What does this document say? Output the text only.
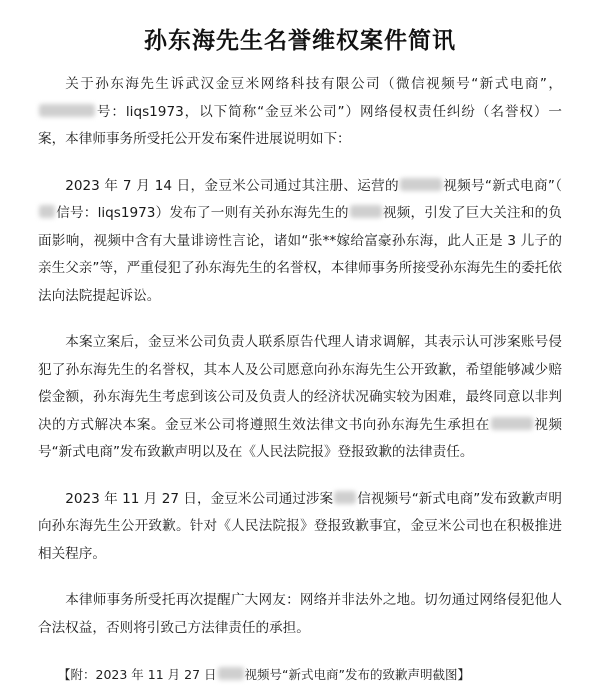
孙东海先生名誉维权案件简讯

关于孙东海先生诉武汉金豆米网络科技有限公司（微信视频号“新式电商”，号：liqs1973，以下简称“金豆米公司”）网络侵权责任纠纷（名誉权）一案，本律师事务所受托公开发布案件进展说明如下：

2023 年 7 月 14 日，金豆米公司通过其注册、运营的	视频号“新式电商”（信号：liqs1973）发布了一则有关孙东海先生的	视频，引发了巨大关注和的负面影响，视频中含有大量诽谤性言论，诸如“张**嫁给富豪孙东海，此人正是 3 儿子的亲生父亲”等，严重侵犯了孙东海先生的名誉权，本律师事务所接受孙东海先生的委托依法向法院提起诉讼。

本案立案后，金豆米公司负责人联系原告代理人请求调解，其表示认可涉案账号侵犯了孙东海先生的名誉权，其本人及公司愿意向孙东海先生公开致歉，希望能够减少赔偿金额，孙东海先生考虑到该公司及负责人的经济状况确实较为困难，最终同意以非判决的方式解决本案。金豆米公司将遵照生效法律文书向孙东海先生承担在	视频号“新式电商”发布致歉声明以及在《人民法院报》登报致歉的法律责任。

2023 年 11 月 27 日，金豆米公司通过涉案 信视频号“新式电商”发布致歉声明向孙东海先生公开致歉。针对《人民法院报》登报致歉事宜，金豆米公司也在积极推进相关程序。

本律师事务所受托再次提醒广大网友：网络并非法外之地。切勿通过网络侵犯他人合法权益，否则将引致己方法律责任的承担。

【附：2023 年 11 月 27 日 视频号“新式电商”发布的致歉声明截图】
